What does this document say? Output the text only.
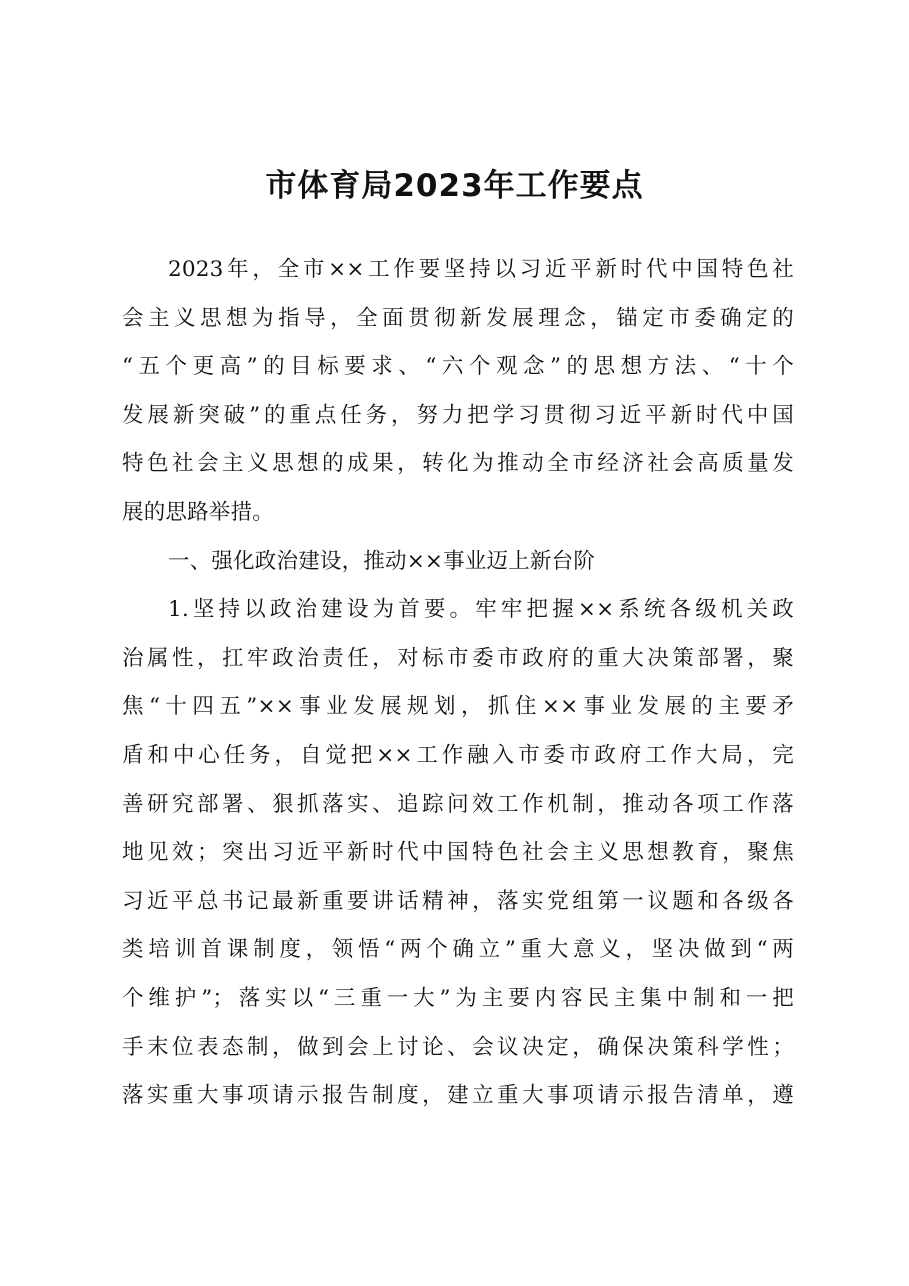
市体育局2023年工作要点
2023年，全市××工作要坚持以习近平新时代中国特色社
会主义思想为指导，全面贯彻新发展理念，锚定市委确定的
“五个更高”的目标要求、“六个观念”的思想方法、“十个
发展新突破”的重点任务，努力把学习贯彻习近平新时代中国
特色社会主义思想的成果，转化为推动全市经济社会高质量发
展的思路举措。
一、强化政治建设，推动××事业迈上新台阶
1.坚持以政治建设为首要。牢牢把握××系统各级机关政
治属性，扛牢政治责任，对标市委市政府的重大决策部署，聚
焦“十四五”××事业发展规划，抓住××事业发展的主要矛
盾和中心任务，自觉把××工作融入市委市政府工作大局，完
善研究部署、狠抓落实、追踪问效工作机制，推动各项工作落
地见效；突出习近平新时代中国特色社会主义思想教育，聚焦
习近平总书记最新重要讲话精神，落实党组第一议题和各级各
类培训首课制度，领悟“两个确立”重大意义，坚决做到“两
个维护”；落实以“三重一大”为主要内容民主集中制和一把
手末位表态制，做到会上讨论、会议决定，确保决策科学性；
落实重大事项请示报告制度，建立重大事项请示报告清单，遵
